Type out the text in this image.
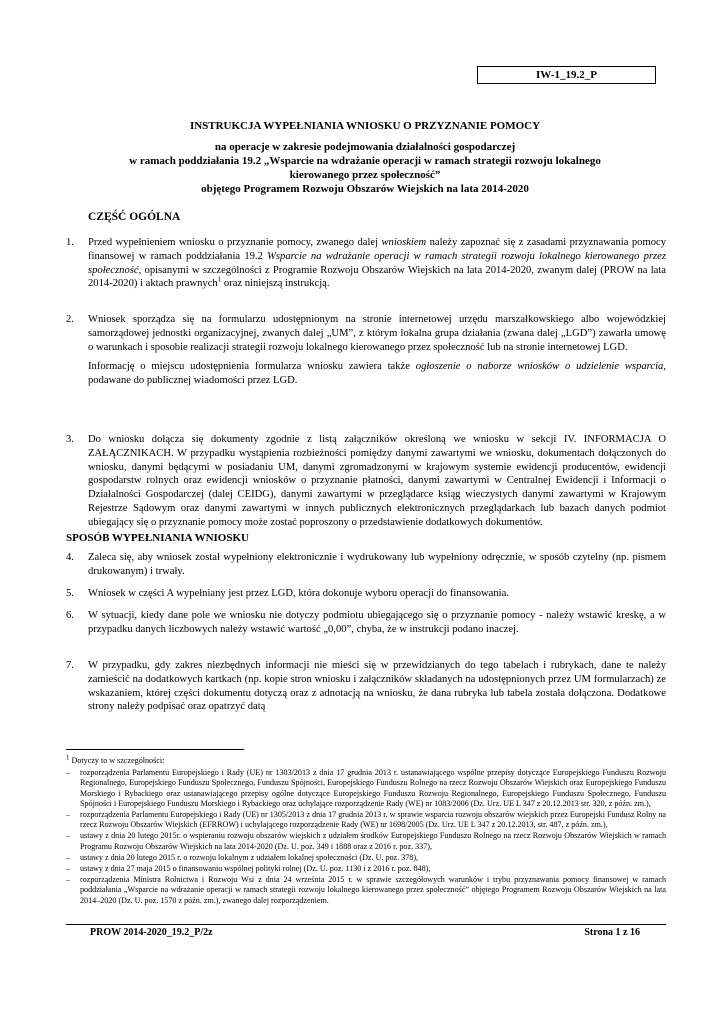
IW-1_19.2_P
INSTRUKCJA WYPEŁNIANIA WNIOSKU O PRZYZNANIE POMOCY
na operacje w zakresie podejmowania działalności gospodarczej
w ramach poddziałania 19.2 „Wsparcie na wdrażanie operacji w ramach strategii rozwoju lokalnego
kierowanego przez społeczność”
objętego Programem Rozwoju Obszarów Wiejskich na lata 2014-2020
CZĘŚĆ OGÓLNA
1.	Przed wypełnieniem wniosku o przyznanie pomocy, zwanego dalej wnioskiem należy zapoznać się z zasadami przyznawania pomocy finansowej w ramach poddziałania 19.2 Wsparcie na wdrażanie operacji w ramach strategii rozwoju lokalnego kierowanego przez społeczność, opisanymi w szczególności z Programie Rozwoju Obszarów Wiejskich na lata 2014-2020, zwanym dalej (PROW na lata 2014-2020) i aktach prawnych$^1$ oraz niniejszą instrukcją.
2.	Wniosek sporządza się na formularzu udostępnionym na stronie internetowej urzędu marszałkowskiego albo wojewódzkiej samorządowej jednostki organizacyjnej, zwanych dalej „UM”, z którym lokalna grupa działania (zwana dalej „LGD”) zawarła umowę o warunkach i sposobie realizacji strategii rozwoju lokalnego kierowanego przez społeczność lub na stronie internetowej LGD.

Informację o miejscu udostępnienia formularza wniosku zawiera także ogłoszenie o naborze wniosków o udzielenie wsparcia, podawane do publicznej wiadomości przez LGD.

3.	Do wniosku dołącza się dokumenty zgodnie z listą załączników określoną we wniosku w sekcji IV. INFORMACJA O ZAŁĄCZNIKACH. W przypadku wystąpienia rozbieżności pomiędzy danymi zawartymi we wniosku, dokumentach dołączonych do wniosku, danymi będącymi w posiadaniu UM, danymi zgromadzonymi w krajowym systemie ewidencji producentów, ewidencji gospodarstw rolnych oraz ewidencji wniosków o przyznanie płatności, danymi zawartymi w Centralnej Ewidencji i Informacji o Działalności Gospodarczej (dalej CEIDG), danymi zawartymi w przeglądarce ksiąg wieczystych danymi zawartymi w Krajowym Rejestrze Sądowym oraz danymi zawartymi w innych publicznych elektronicznych przeglądarkach lub bazach danych podmiot ubiegający się o przyznanie pomocy może zostać poproszony o przedstawienie dodatkowych dokumentów.
SPOSÓB WYPEŁNIANIA WNIOSKU
4.	Zaleca się, aby wniosek został wypełniony elektronicznie i wydrukowany lub wypełniony odręcznie, w sposób czytelny (np. pismem drukowanym) i trwały.
5.	Wniosek w części A wypełniany jest przez LGD, która dokonuje wyboru operacji do finansowania.
6.	W sytuacji, kiedy dane pole we wniosku nie dotyczy podmiotu ubiegającego się o przyznanie pomocy - należy wstawić kreskę, a w przypadku danych liczbowych należy wstawić wartość „0,00”, chyba, że w instrukcji podano inaczej.
7.	W przypadku, gdy zakres niezbędnych informacji nie mieści się w przewidzianych do tego tabelach i rubrykach, dane te należy zamieścić na dodatkowych kartkach (np. kopie stron wniosku i załączników składanych na udostępnionych przez UM formularzach) ze wskazaniem, której części dokumentu dotyczą oraz z adnotacją na wniosku, że dana rubryka lub tabela została dołączona. Dodatkowe strony należy podpisać oraz opatrzyć datą
$^1$ Dotyczy to w szczególności:
–	rozporządzenia Parlamentu Europejskiego i Rady (UE) nr 1303/2013 z dnia 17 grudnia 2013 r. ustanawiającego wspólne przepisy dotyczące Europejskiego Funduszu Rozwoju Regionalnego, Europejskiego Funduszu Społecznego, Funduszu Spójności, Europejskiego Funduszu Rolnego na rzecz Rozwoju Obszarów Wiejskich oraz Europejskiego Funduszu Morskiego i Rybackiego oraz ustanawiającego przepisy ogólne dotyczące Europejskiego Funduszu Rozwoju Regionalnego, Europejskiego Funduszu Społecznego, Funduszu Spójności i Europejskiego Funduszu Morskiego i Rybackiego oraz uchylające rozporządzenie Rady (WE) nr 1083/2006 (Dz. Urz. UE L 347 z 20.12.2013 str. 320, z późn. zm.),
–	rozporządzenia Parlamentu Europejskiego i Rady (UE) nr 1305/2013 z dnia 17 grudnia 2013 r. w sprawie wsparcia rozwoju obszarów wiejskich przez Europejski Fundusz Rolny na rzecz Rozwoju Obszarów Wiejskich (EFRROW) i uchylającego rozporządzenie Rady (WE) nr 1698/2005 (Dz. Urz. UE L 347 z 20.12.2013, str. 487, z późn. zm.),
–	ustawy z dnia 20 lutego 2015r. o wspieraniu rozwoju obszarów wiejskich z udziałem środków Europejskiego Funduszu Rolnego na rzecz Rozwoju Obszarów Wiejskich w ramach Programu Rozwoju Obszarów Wiejskich na lata 2014-2020 (Dz. U. poz. 349 i 1888 oraz z 2016 r. poz. 337),
–	ustawy z dnia 20 lutego 2015 r. o rozwoju lokalnym z udziałem lokalnej społeczności (Dz. U. poz. 378),
–	ustawy z dnia 27 maja 2015 o finansowaniu wspólnej polityki rolnej (Dz. U. poz. 1130 i z 2016 r. poz. 848),
–	rozporządzenia Ministra Rolnictwa i Rozwoju Wsi z dnia 24 września 2015 r. w sprawie szczegółowych warunków i trybu przyznawania pomocy finansowej w ramach poddziałania „Wsparcie na wdrażanie operacji w ramach strategii rozwoju lokalnego kierowanego przez społeczność” objętego Programem Rozwoju Obszarów Wiejskich na lata 2014–2020 (Dz. U. poz. 1570 z późn. zm.), zwanego dalej rozporządzeniem.
PROW 2014-2020_19.2_P/2z	Strona 1 z 16
